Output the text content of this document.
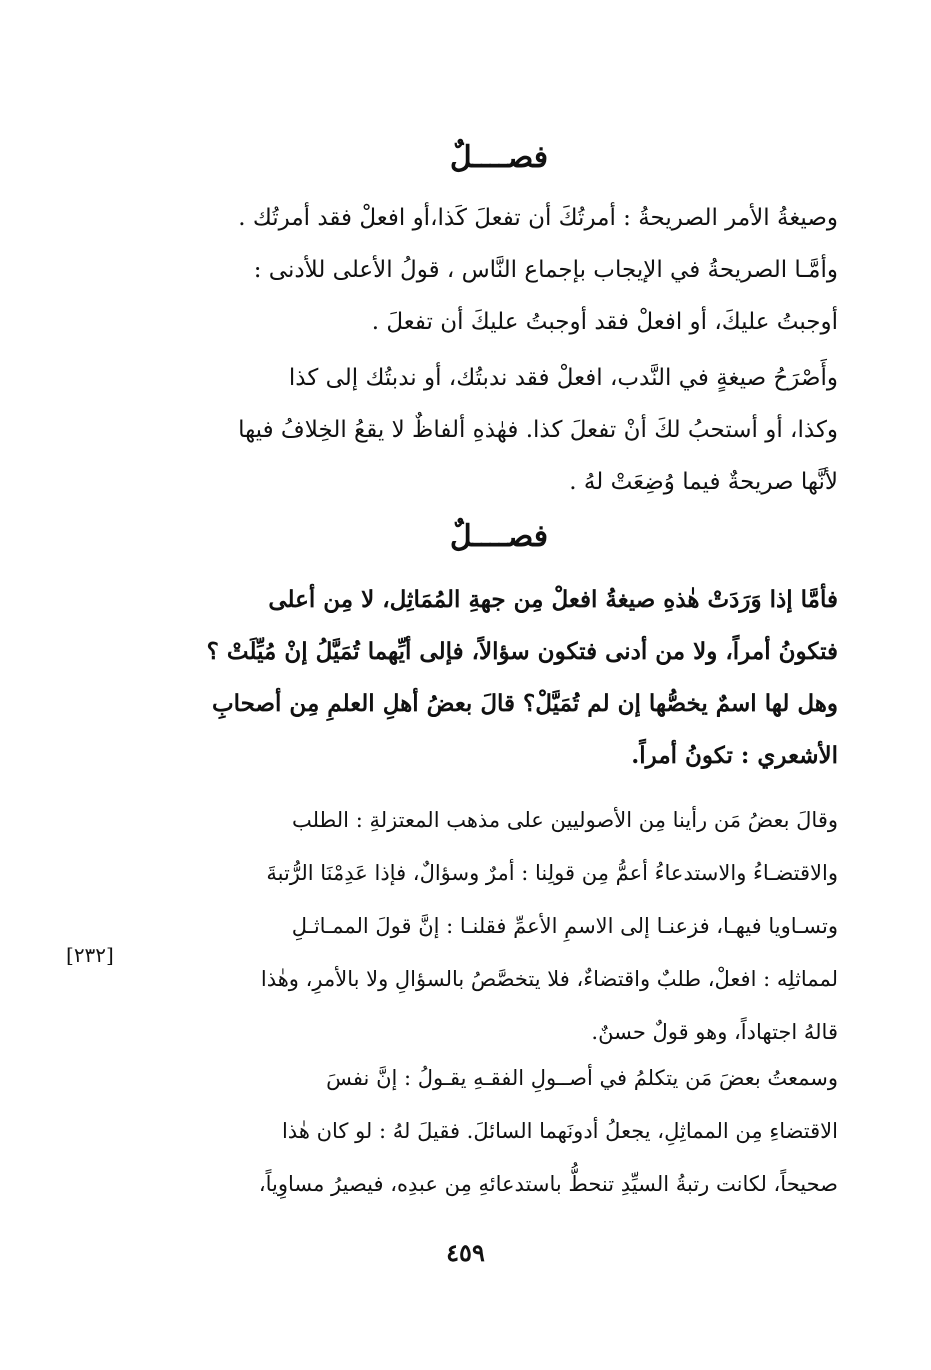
فصــــلٌ
وصيغةُ الأمر الصريحةُ : أمرتُكَ أن تفعلَ كَذا،أو افعلْ فقد أمرتُك .
وأمَّـا الصريحةُ في الإيجاب بإجماع النَّاس ، قولُ الأعلى للأدنى :
أوجبتُ عليكَ، أو افعلْ فقد أوجبتُ عليكَ أن تفعلَ .
وأَصْرَحُ صيغةٍ في النَّدب، افعلْ فقد ندبتُك، أو ندبتُك إلى كذا
وكذا، أو أستحبُ لكَ أنْ تفعلَ كذا. فهٰذهِ ألفاظٌ لا يقعُ الخِلافُ فيها
لأنَّها صريحةٌ فيما وُضِعَتْ لهُ .
فصــــلٌ
فأمَّا إذا وَرَدَتْ هٰذهِ صيغةُ افعلْ مِن جهةِ المُمَاثِل، لا مِن أعلى
فتكونُ أمراً، ولا من أدنى فتكون سؤالاً، فإلى أيِّهما تُمَيَّلُ إنْ مُيِّلَتْ ؟
وهل لها اسمٌ يخصُّها إن لم تُمَيَّلْ؟ قالَ بعضُ أهلِ العلمِ مِن أصحابِ
الأشعري : تكونُ أمراً.
وقالَ بعضُ مَن رأينا مِن الأصوليين على مذهب المعتزلةِ : الطلب
والاقتضـاءُ والاستدعاءُ أعمُّ مِن قولِنا : أمرٌ وسؤالٌ، فإذا عَدِمْنَا الرُّتبةَ
وتسـاويا فيهـا، فزعنـا إلى الاسمِ الأعمِّ فقلنـا : إنَّ قولَ الممـاثـلِ
لمماثلِه : افعلْ، طلبٌ واقتضاءٌ، فلا يتخصَّصُ بالسؤالِ ولا بالأمرِ، وهٰذا
قالهُ اجتهاداً، وهو قولٌ حسنٌ.
[٢٣٢]
وسمعتُ بعضَ مَن يتكلمُ في أصــولِ الفقـهِ يقـولُ : إنَّ نفسَ
الاقتضاءِ مِن المماثِلِ، يجعلُ أدونَهما السائلَ. فقيلَ لهُ : لو كان هٰذا
صحيحاً، لكانت رتبةُ السيِّدِ تنحطُّ باستدعائهِ مِن عبدِه، فيصيرُ مساوِياً،
٤٥٩
